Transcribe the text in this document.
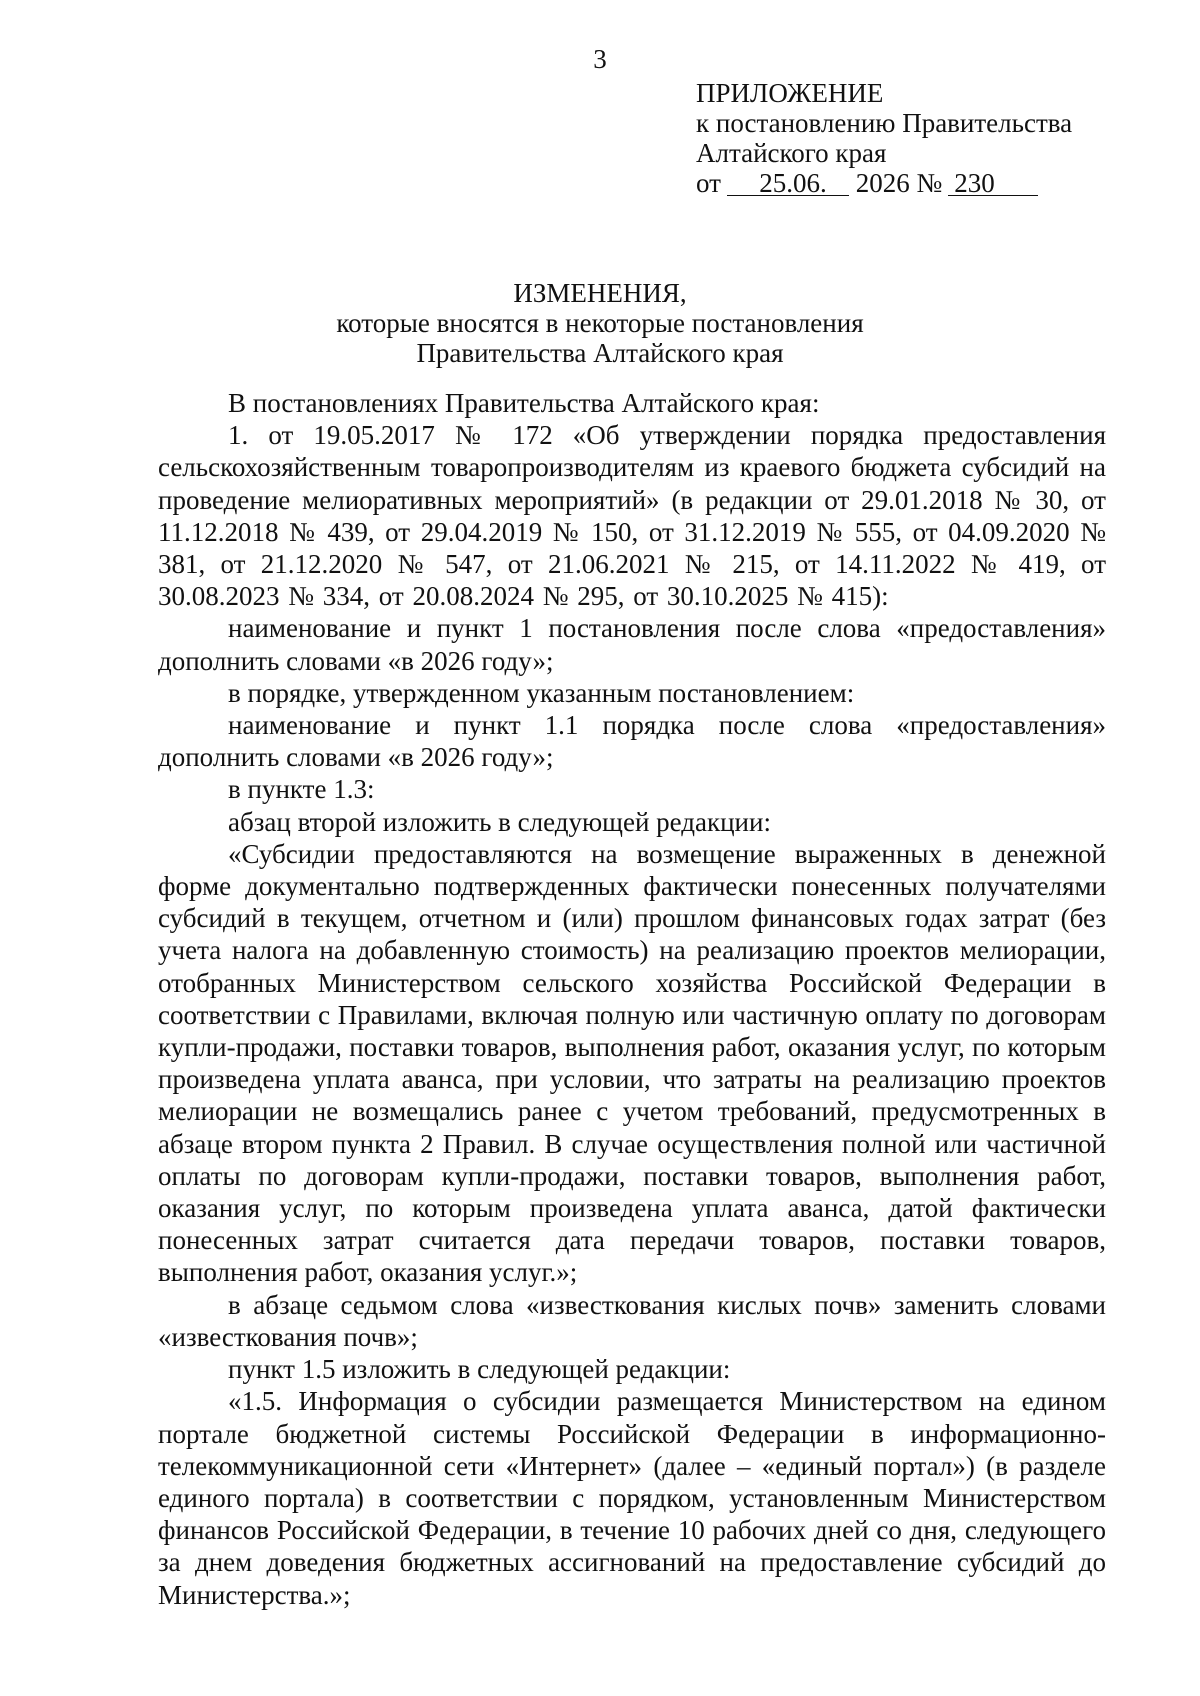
3
ПРИЛОЖЕНИЕ
к постановлению Правительства
Алтайского края
от 25.06. 2026 № 230
ИЗМЕНЕНИЯ,
которые вносятся в некоторые постановления
Правительства Алтайского края

В постановлениях Правительства Алтайского края:

1. от 19.05.2017 № 172 «Об утверждении порядка предоставления сельскохозяйственным товаропроизводителям из краевого бюджета субсидий на проведение мелиоративных мероприятий» (в редакции от 29.01.2018 № 30, от 11.12.2018 № 439, от 29.04.2019 № 150, от 31.12.2019 № 555, от 04.09.2020 № 381, от 21.12.2020 № 547, от 21.06.2021 № 215, от 14.11.2022 № 419, от 30.08.2023 № 334, от 20.08.2024 № 295, от 30.10.2025 № 415):

наименование и пункт 1 постановления после слова «предоставления» дополнить словами «в 2026 году»;

в порядке, утвержденном указанным постановлением:

наименование и пункт 1.1 порядка после слова «предоставления» дополнить словами «в 2026 году»;

в пункте 1.3:

абзац второй изложить в следующей редакции:

«Субсидии предоставляются на возмещение выраженных в денежной форме документально подтвержденных фактически понесенных получателями субсидий в текущем, отчетном и (или) прошлом финансовых годах затрат (без учета налога на добавленную стоимость) на реализацию проектов мелиорации, отобранных Министерством сельского хозяйства Российской Федерации в соответствии с Правилами, включая полную или частичную оплату по договорам купли-продажи, поставки товаров, выполнения работ, оказания услуг, по которым произведена уплата аванса, при условии, что затраты на реализацию проектов мелиорации не возмещались ранее с учетом требований, предусмотренных в абзаце втором пункта 2 Правил. В случае осуществления полной или частичной оплаты по договорам купли-продажи, поставки товаров, выполнения работ, оказания услуг, по которым произведена уплата аванса, датой фактически понесенных затрат считается дата передачи товаров, поставки товаров, выполнения работ, оказания услуг.»;

в абзаце седьмом слова «известкования кислых почв» заменить словами «известкования почв»;

пункт 1.5 изложить в следующей редакции:

«1.5. Информация о субсидии размещается Министерством на едином портале бюджетной системы Российской Федерации в информационно-телекоммуникационной сети «Интернет» (далее – «единый портал») (в разделе единого портала) в соответствии с порядком, установленным Министерством финансов Российской Федерации, в течение 10 рабочих дней со дня, следующего за днем доведения бюджетных ассигнований на предоставление субсидий до Министерства.»;
